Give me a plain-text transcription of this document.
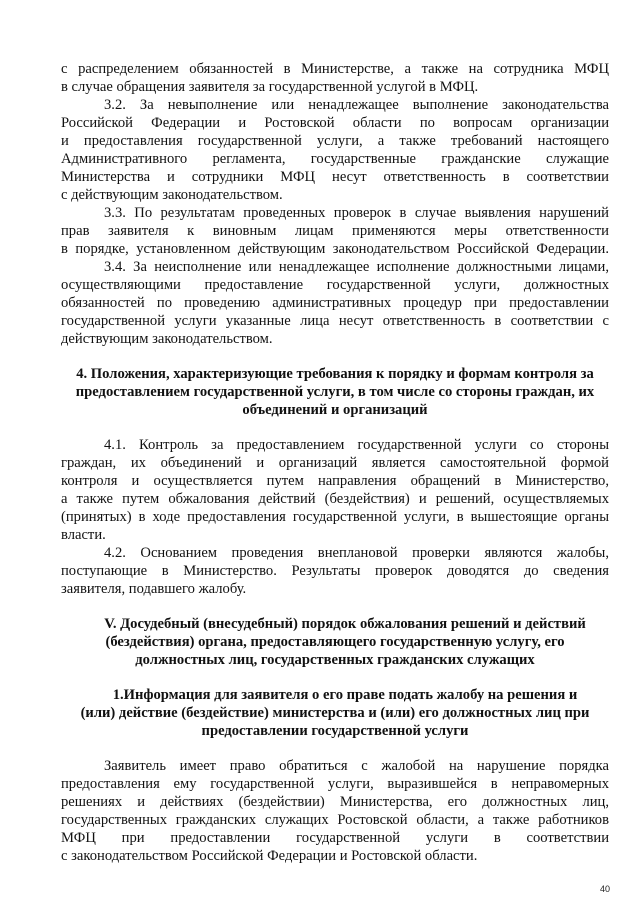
с распределением обязанностей в Министерстве, а также на сотрудника МФЦ
в случае обращения заявителя за государственной услугой в МФЦ.
3.2. За невыполнение или ненадлежащее выполнение законодательства
Российской Федерации и Ростовской области по вопросам организации
и предоставления государственной услуги, а также требований настоящего
Административного регламента, государственные гражданские служащие
Министерства и сотрудники МФЦ несут ответственность в соответствии
с действующим законодательством.
3.3. По результатам проведенных проверок в случае выявления нарушений
прав заявителя к виновным лицам применяются меры ответственности
в порядке, установленном действующим законодательством Российской Федерации.
3.4. За неисполнение или ненадлежащее исполнение должностными лицами,
осуществляющими предоставление государственной услуги, должностных
обязанностей по проведению административных процедур при предоставлении
государственной услуги указанные лица несут ответственность в соответствии с
действующим законодательством.
4. Положения, характеризующие требования к порядку и формам контроля за
предоставлением государственной услуги, в том числе со стороны граждан, их
объединений и организаций
4.1. Контроль за предоставлением государственной услуги со стороны
граждан, их объединений и организаций является самостоятельной формой
контроля и осуществляется путем направления обращений в Министерство,
а также путем обжалования действий (бездействия) и решений, осуществляемых
(принятых) в ходе предоставления государственной услуги, в вышестоящие органы
власти.
4.2. Основанием проведения внеплановой проверки являются жалобы,
поступающие в Министерство. Результаты проверок доводятся до сведения
заявителя, подавшего жалобу.
V. Досудебный (внесудебный) порядок обжалования решений и действий
(бездействия) органа, предоставляющего государственную услугу, его
должностных лиц, государственных гражданских служащих
1.Информация для заявителя о его праве подать жалобу на решения и
(или) действие (бездействие) министерства и (или) его должностных лиц при
предоставлении государственной услуги
Заявитель имеет право обратиться с жалобой на нарушение порядка
предоставления ему государственной услуги, выразившейся в неправомерных
решениях и действиях (бездействии) Министерства, его должностных лиц,
государственных гражданских служащих Ростовской области, а также работников
МФЦ при предоставлении государственной услуги в соответствии
с законодательством Российской Федерации и Ростовской области.
40
